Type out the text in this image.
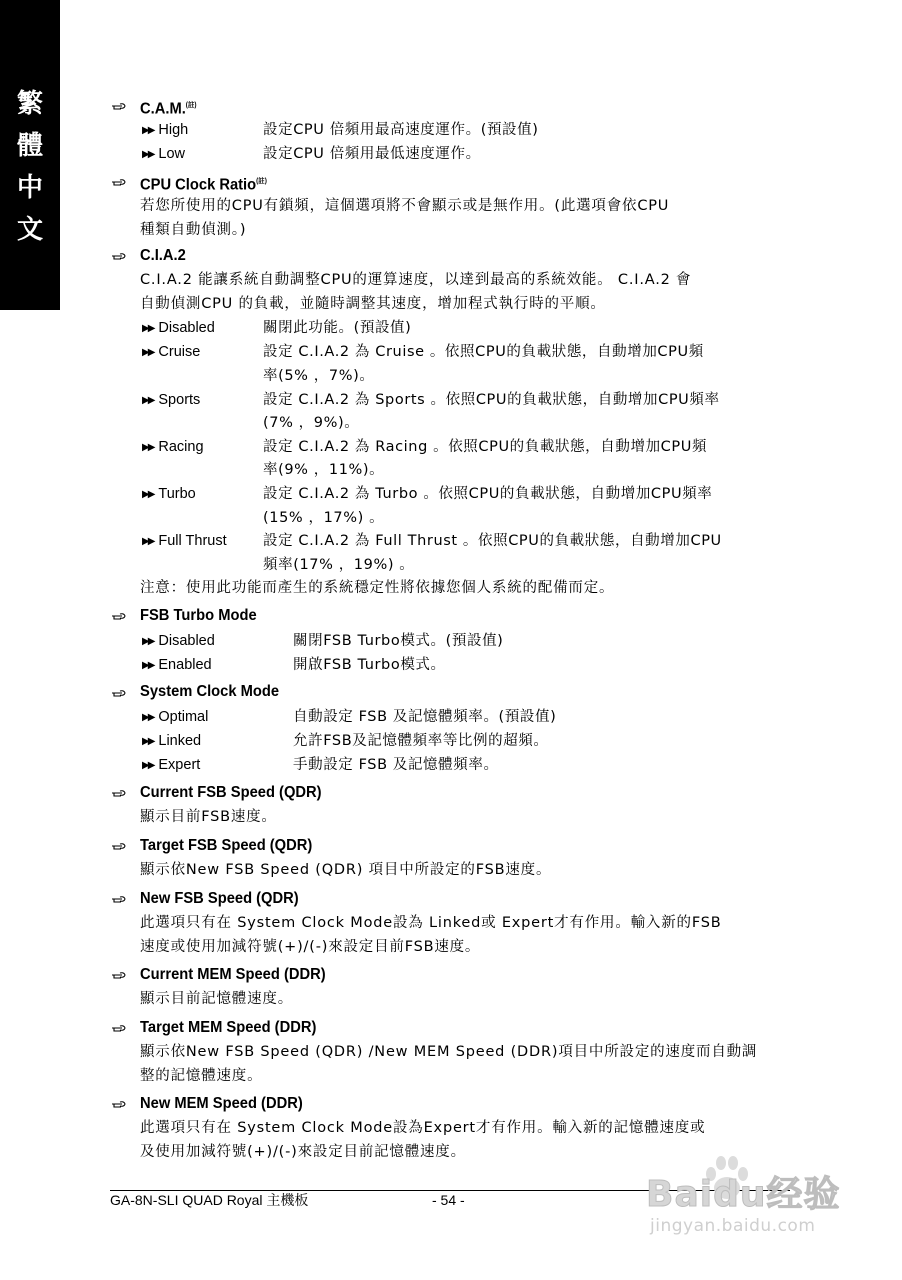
繁
體
中
文
C.A.M.$^{(註)}$
▶▶ High	設定CPU 倍頻用最高速度運作。(預設值)
▶▶ Low	設定CPU 倍頻用最低速度運作。
CPU Clock Ratio$^{(註)}$
若您所使用的CPU有鎖頻，這個選項將不會顯示或是無作用。(此選項會依CPU
種類自動偵測。)
C.I.A.2
C.I.A.2 能讓系統自動調整CPU的運算速度，以達到最高的系統效能。 C.I.A.2 會
自動偵測CPU 的負載，並隨時調整其速度，增加程式執行時的平順。
▶▶ Disabled	關閉此功能。(預設值)
▶▶ Cruise	設定 C.I.A.2 為 Cruise 。依照CPU的負載狀態，自動增加CPU頻
率(5% ，7%)。
▶▶ Sports	設定 C.I.A.2 為 Sports 。依照CPU的負載狀態，自動增加CPU頻率
(7% ，9%)。
▶▶ Racing	設定 C.I.A.2 為 Racing 。依照CPU的負載狀態，自動增加CPU頻
率(9% ，11%)。
▶▶ Turbo	設定 C.I.A.2 為 Turbo 。依照CPU的負載狀態，自動增加CPU頻率
(15% ，17%) 。
▶▶ Full Thrust	設定 C.I.A.2 為 Full Thrust 。依照CPU的負載狀態，自動增加CPU
頻率(17% ，19%) 。
注意：使用此功能而產生的系統穩定性將依據您個人系統的配備而定。
FSB Turbo Mode
▶▶ Disabled	關閉FSB Turbo模式。(預設值)
▶▶ Enabled	開啟FSB Turbo模式。
System Clock Mode
▶▶ Optimal	自動設定 FSB 及記憶體頻率。(預設值)
▶▶ Linked	允許FSB及記憶體頻率等比例的超頻。
▶▶ Expert	手動設定 FSB 及記憶體頻率。
Current FSB Speed (QDR)
顯示目前FSB速度。
Target FSB Speed (QDR)
顯示依New FSB Speed (QDR) 項目中所設定的FSB速度。
New FSB Speed (QDR)
此選項只有在 System Clock Mode設為 Linked或 Expert才有作用。輸入新的FSB
速度或使用加減符號(+)/(-)來設定目前FSB速度。
Current MEM Speed (DDR)
顯示目前記憶體速度。
Target MEM Speed (DDR)
顯示依New FSB Speed (QDR) /New MEM Speed (DDR)項目中所設定的速度而自動調
整的記憶體速度。
New MEM Speed (DDR)
此選項只有在 System Clock Mode設為Expert才有作用。輸入新的記憶體速度或
及使用加減符號(+)/(-)來設定目前記憶體速度。
GA-8N-SLI QUAD Royal 主機板	- 54 -	Baidu经验
jingyan.baidu.com
